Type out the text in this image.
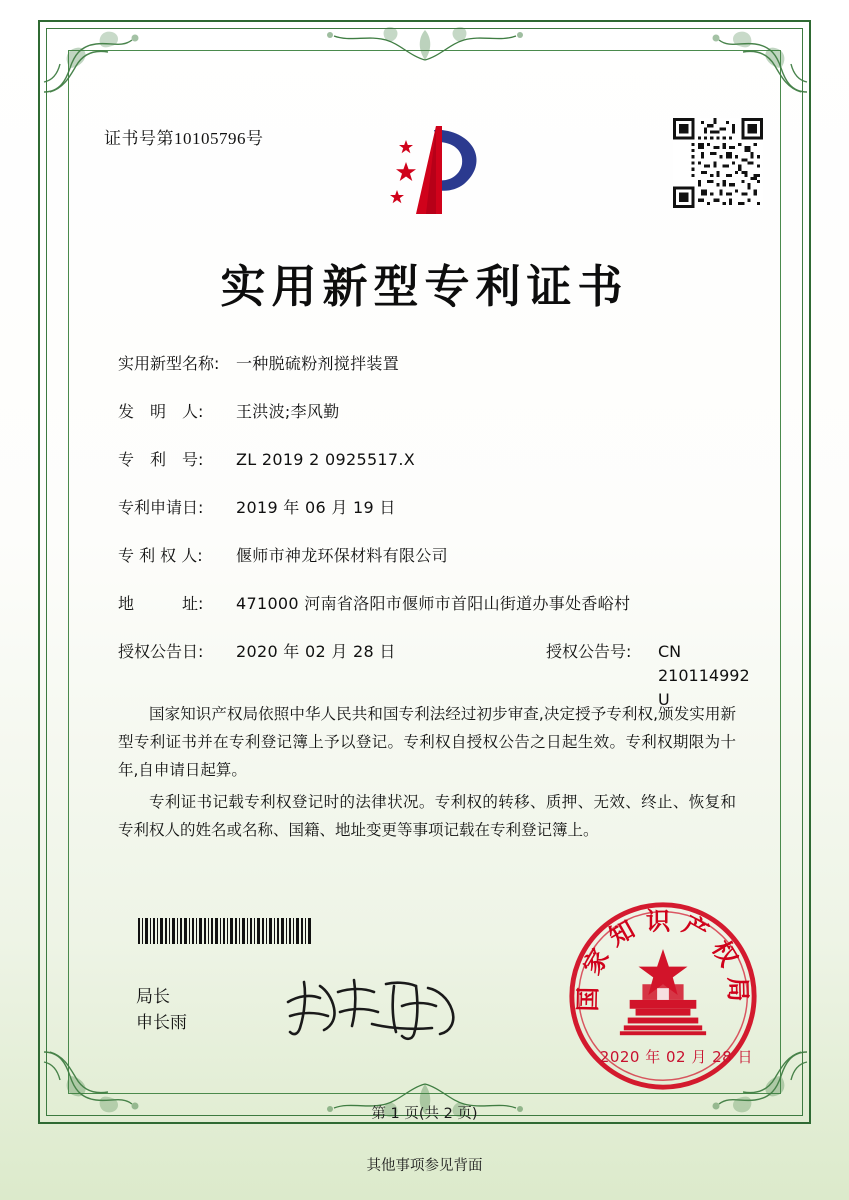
证书号第10105796号
实用新型专利证书
实用新型名称:	一种脱硫粉剂搅拌装置
发　明　人:	王洪波;李风勤
专　利　号:	ZL 2019 2 0925517.X
专利申请日:	2019 年 06 月 19 日
专 利 权 人:	偃师市神龙环保材料有限公司
地　　　址:	471000 河南省洛阳市偃师市首阳山街道办事处香峪村
授权公告日:	2020 年 02 月 28 日	授权公告号:	CN 210114992 U

国家知识产权局依照中华人民共和国专利法经过初步审查,决定授予专利权,颁发实用新型专利证书并在专利登记簿上予以登记。专利权自授权公告之日起生效。专利权期限为十年,自申请日起算。

专利证书记载专利权登记时的法律状况。专利权的转移、质押、无效、终止、恢复和专利权人的姓名或名称、国籍、地址变更等事项记载在专利登记簿上。

局长
申长雨
国家知识产权局
2020 年 02 月 28 日
第 1 页(共 2 页)
其他事项参见背面
